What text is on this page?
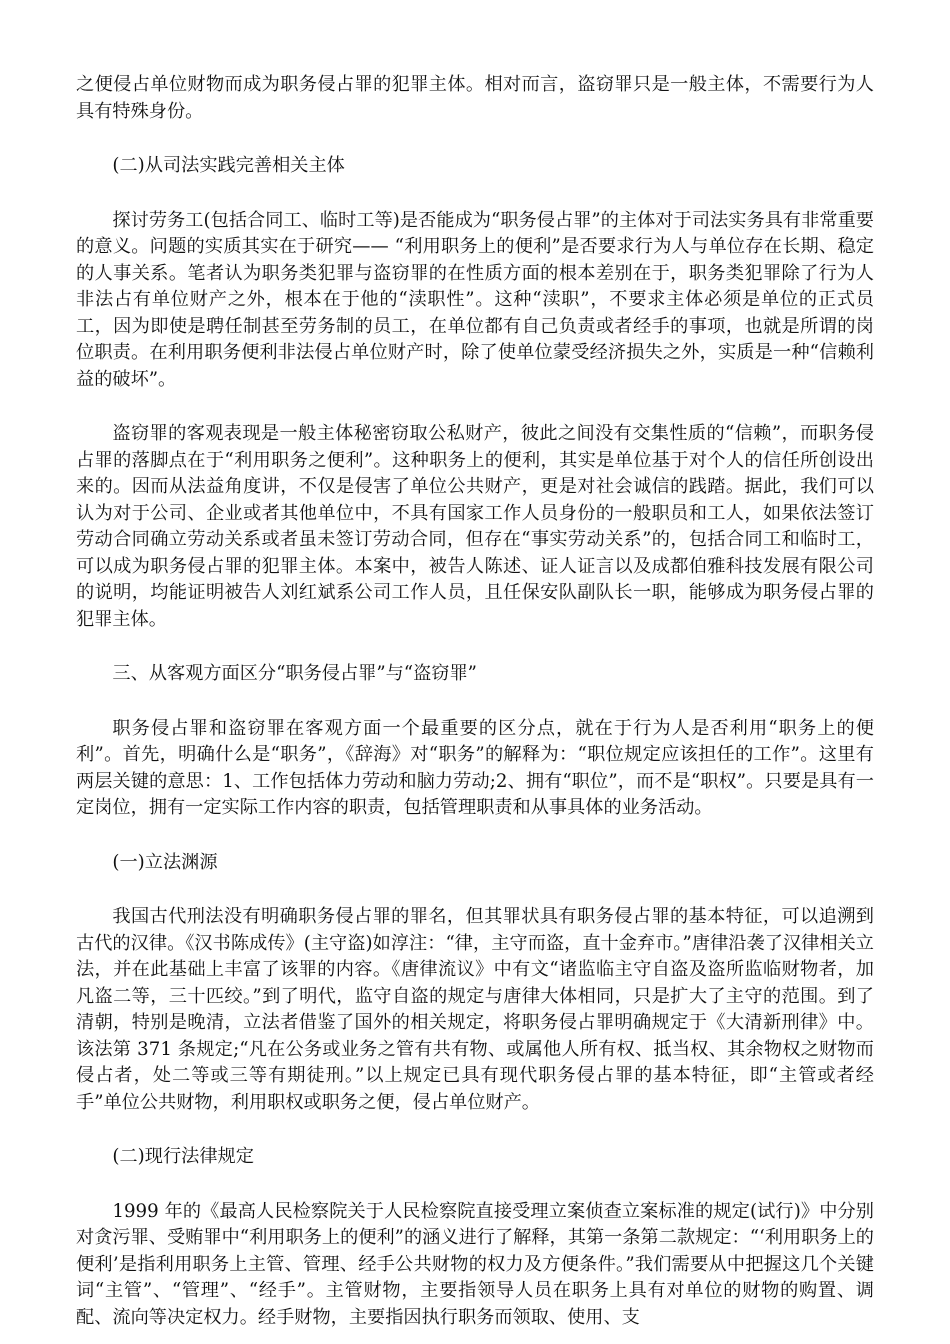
之便侵占单位财物而成为职务侵占罪的犯罪主体。相对而言，盗窃罪只是一般主体，不需要行为人具有特殊身份。

(二)从司法实践完善相关主体

探讨劳务工(包括合同工、临时工等)是否能成为“职务侵占罪”的主体对于司法实务具有非常重要的意义。问题的实质其实在于研究—— “利用职务上的便利”是否要求行为人与单位存在长期、稳定的人事关系。笔者认为职务类犯罪与盗窃罪的在性质方面的根本差别在于，职务类犯罪除了行为人非法占有单位财产之外，根本在于他的“渎职性”。这种“渎职”，不要求主体必须是单位的正式员工，因为即使是聘任制甚至劳务制的员工，在单位都有自己负责或者经手的事项，也就是所谓的岗位职责。在利用职务便利非法侵占单位财产时，除了使单位蒙受经济损失之外，实质是一种“信赖利益的破坏”。

盗窃罪的客观表现是一般主体秘密窃取公私财产，彼此之间没有交集性质的“信赖”，而职务侵占罪的落脚点在于“利用职务之便利”。这种职务上的便利，其实是单位基于对个人的信任所创设出来的。因而从法益角度讲，不仅是侵害了单位公共财产，更是对社会诚信的践踏。据此，我们可以认为对于公司、企业或者其他单位中，不具有国家工作人员身份的一般职员和工人，如果依法签订劳动合同确立劳动关系或者虽未签订劳动合同，但存在“事实劳动关系”的，包括合同工和临时工，可以成为职务侵占罪的犯罪主体。本案中，被告人陈述、证人证言以及成都伯雅科技发展有限公司的说明，均能证明被告人刘红斌系公司工作人员，且任保安队副队长一职，能够成为职务侵占罪的犯罪主体。

三、从客观方面区分“职务侵占罪”与“盗窃罪”

职务侵占罪和盗窃罪在客观方面一个最重要的区分点，就在于行为人是否利用“职务上的便利”。首先，明确什么是“职务”，《辞海》对“职务”的解释为：“职位规定应该担任的工作”。这里有两层关键的意思：1、工作包括体力劳动和脑力劳动;2、拥有“职位”，而不是“职权”。只要是具有一定岗位，拥有一定实际工作内容的职责，包括管理职责和从事具体的业务活动。

(一)立法渊源

我国古代刑法没有明确职务侵占罪的罪名，但其罪状具有职务侵占罪的基本特征，可以追溯到古代的汉律。《汉书陈成传》(主守盗)如淳注：“律，主守而盗，直十金弃市。”唐律沿袭了汉律相关立法，并在此基础上丰富了该罪的内容。《唐律流议》中有文“诸监临主守自盗及盗所监临财物者，加凡盗二等，三十匹绞。”到了明代，监守自盗的规定与唐律大体相同，只是扩大了主守的范围。到了清朝，特别是晚清，立法者借鉴了国外的相关规定，将职务侵占罪明确规定于《大清新刑律》中。该法第 371 条规定;“凡在公务或业务之管有共有物、或属他人所有权、抵当权、其余物权之财物而侵占者，处二等或三等有期徒刑。”以上规定已具有现代职务侵占罪的基本特征，即“主管或者经手”单位公共财物，利用职权或职务之便，侵占单位财产。

(二)现行法律规定

1999 年的《最高人民检察院关于人民检察院直接受理立案侦查立案标准的规定(试行)》中分别对贪污罪、受贿罪中“利用职务上的便利”的涵义进行了解释，其第一条第二款规定：“‘利用职务上的便利’是指利用职务上主管、管理、经手公共财物的权力及方便条件。”我们需要从中把握这几个关键词“主管”、“管理”、“经手”。主管财物，主要指领导人员在职务上具有对单位的财物的购置、调配、流向等决定权力。经手财物，主要指因执行职务而领取、使用、支
